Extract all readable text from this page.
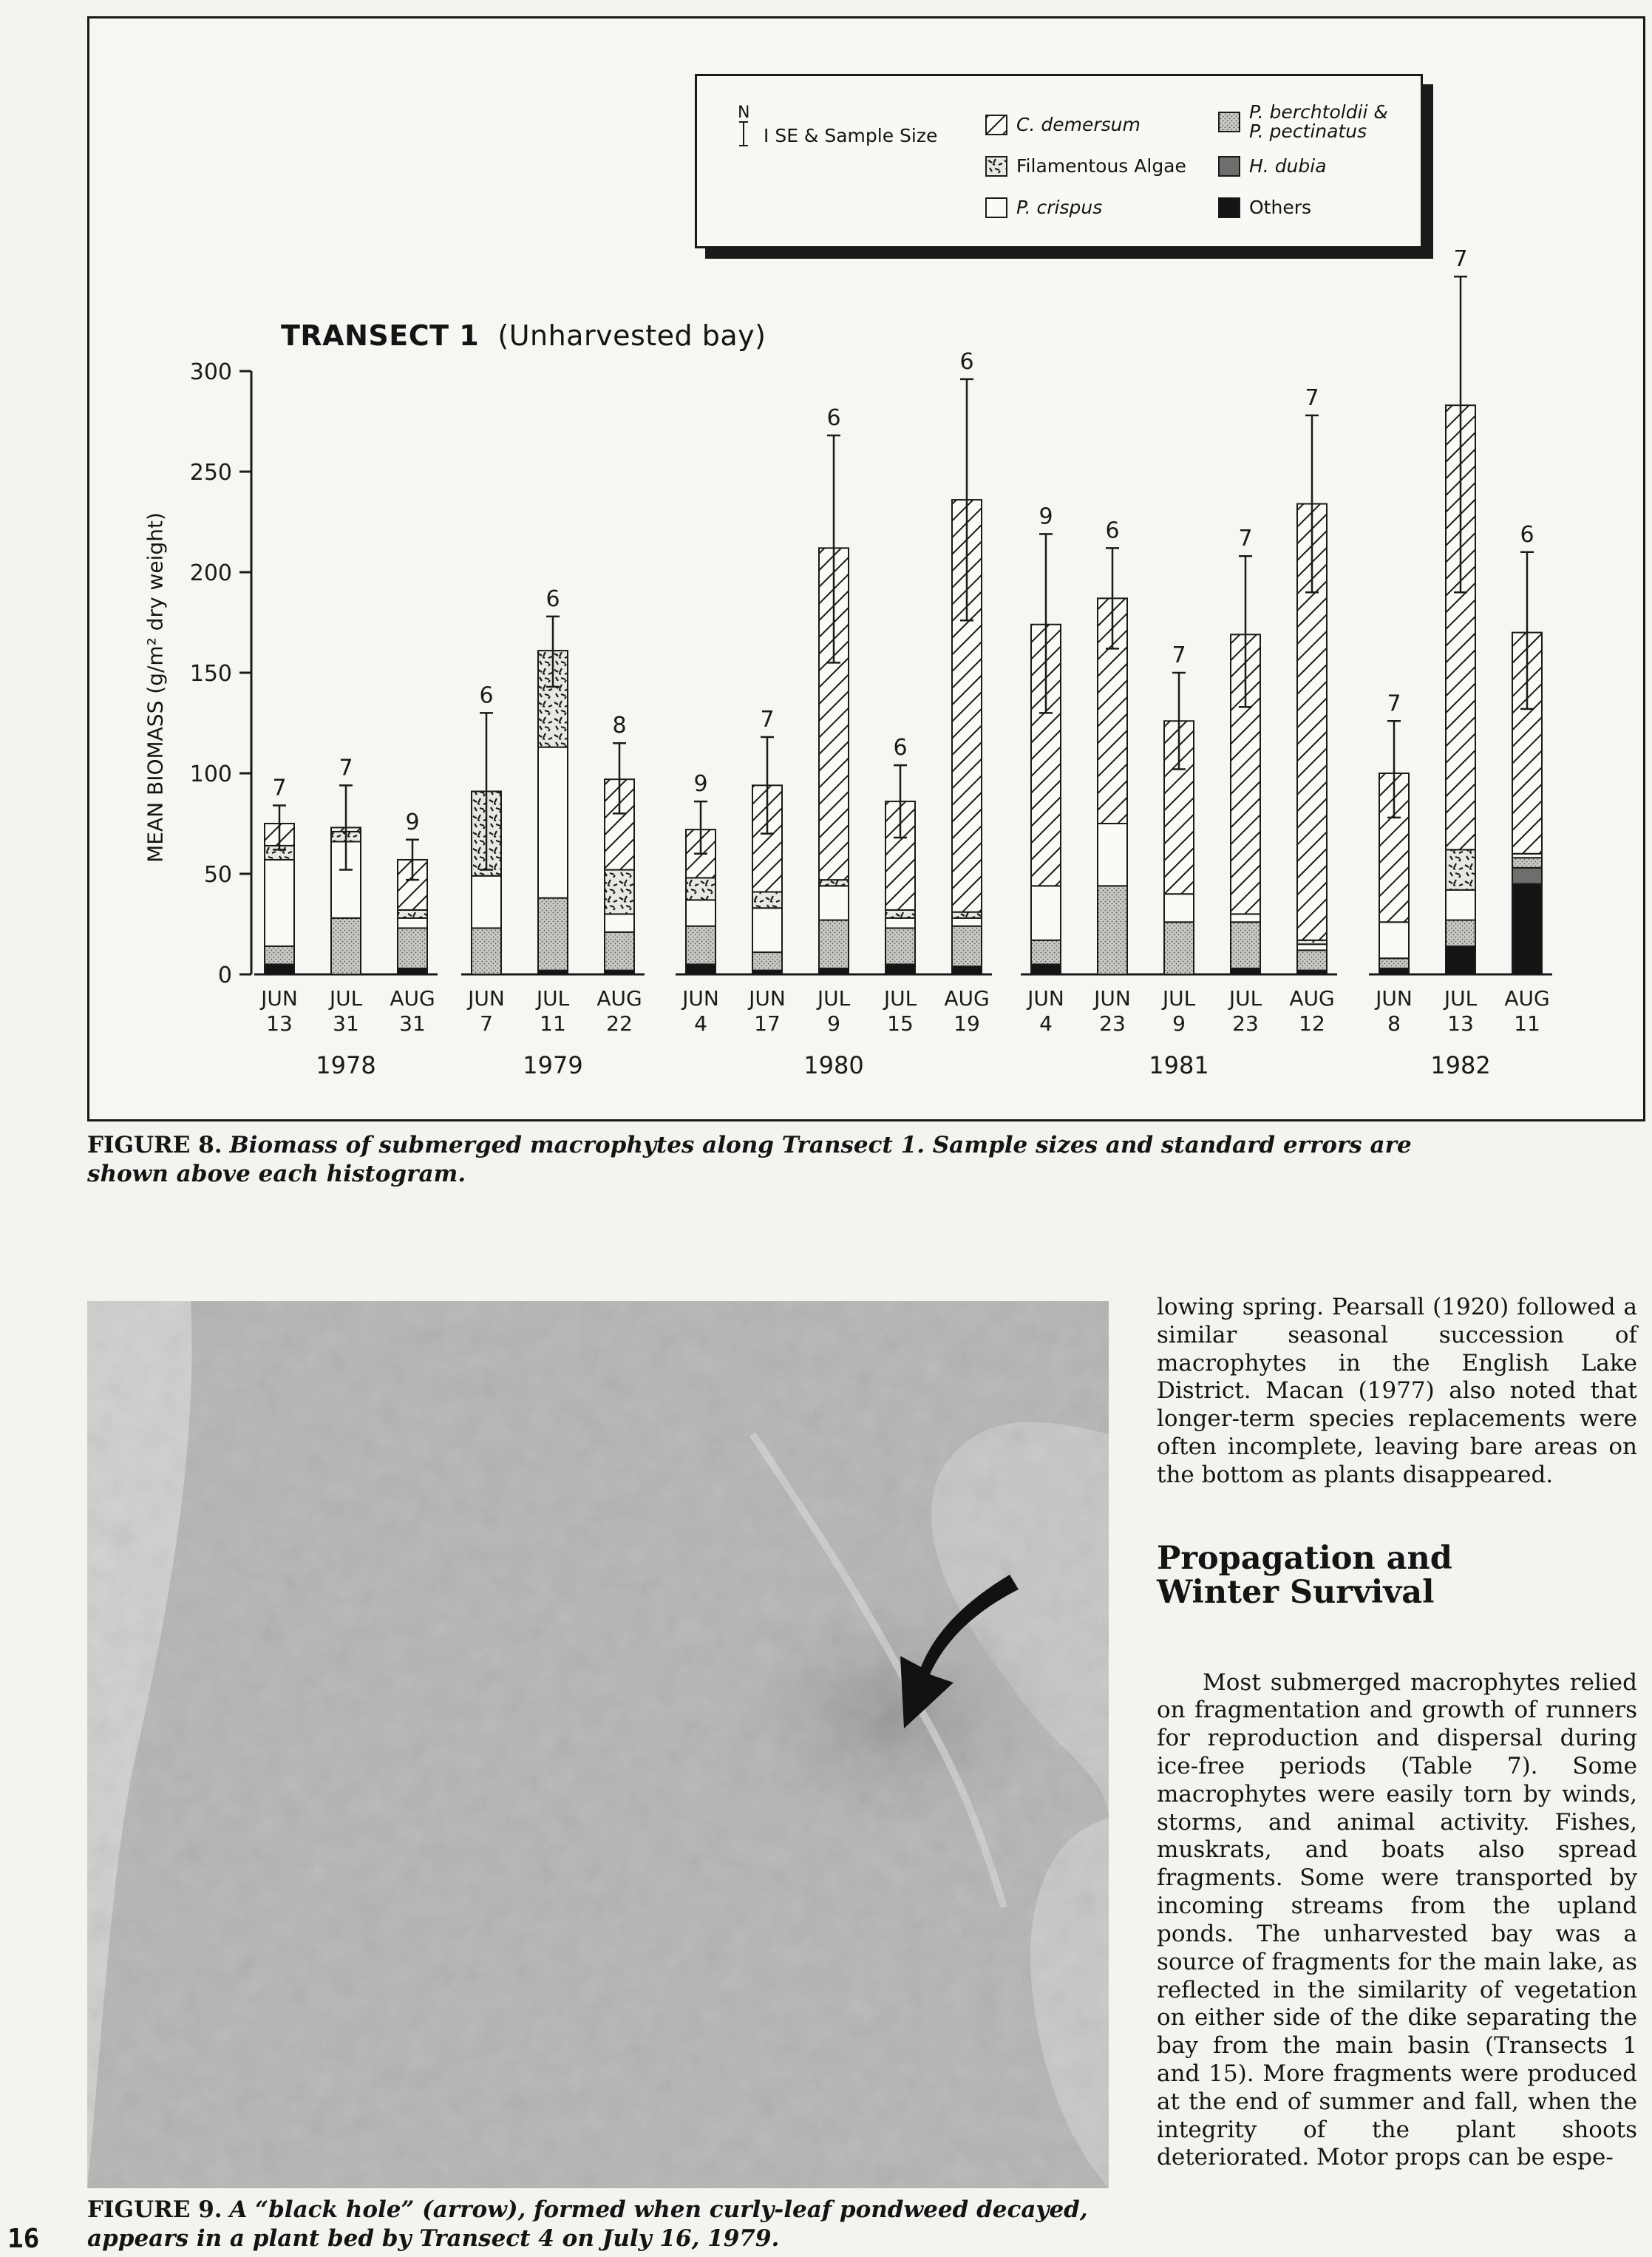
0
50
100
150
200
250
300
7
JUN
13
7
JUL
31
9
AUG
31
1978
6
JUN
7
6
JUL
11
8
AUG
22
1979
9
JUN
4
7
JUN
17
6
JUL
9
6
JUL
15
6
AUG
19
1980
9
JUN
4
6
JUN
23
7
JUL
9
7
JUL
23
7
AUG
12
1981
7
JUN
8
7
JUL
13
6
AUG
11
1982
TRANSECT 1 (Unharvested bay)
MEAN BIOMASS (g/m² dry weight)
N
I SE & Sample Size
C. demersum
Filamentous Algae
P. crispus
P. berchtoldii &
P. pectinatus
H. dubia
Others
FIGURE 8. Biomass of submerged macrophytes along Transect 1. Sample sizes and standard errors are shown above each histogram.
FIGURE 9. A “black hole” (arrow), formed when curly-leaf pondweed decayed, appears in a plant bed by Transect 4 on July 16, 1979.

lowing spring. Pearsall (1920) followed a similar seasonal succession of macrophytes in the English Lake District. Macan (1977) also noted that longer-term species replacements were often incomplete, leaving bare areas on the bottom as plants disappeared.

Propagation and
Winter Survival

Most submerged macrophytes relied on fragmentation and growth of runners for reproduction and dispersal during ice-free periods (Table 7). Some macrophytes were easily torn by winds, storms, and animal activity. Fishes, muskrats, and boats also spread fragments. Some were transported by incoming streams from the upland ponds. The unharvested bay was a source of fragments for the main lake, as reflected in the similarity of vegetation on either side of the dike separating the bay from the main basin (Transects 1 and 15). More fragments were produced at the end of summer and fall, when the integrity of the plant shoots deteriorated. Motor props can be espe-

16
